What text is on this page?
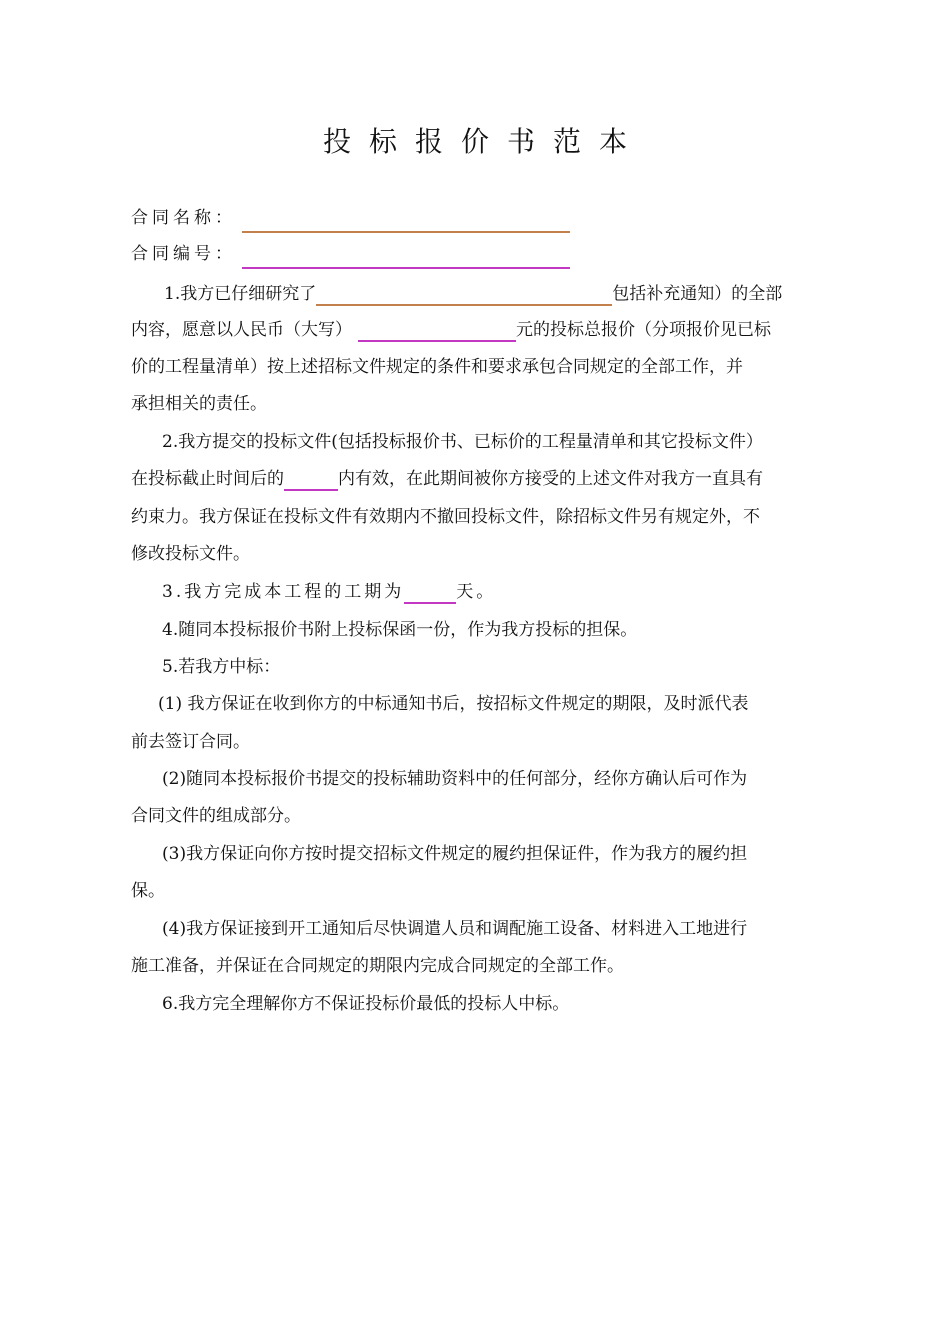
投标报价书范本
合同名称：
合同编号：
1.我方已仔细研究了	包括补充通知）的全部
内容，愿意以人民币（大写）	元的投标总报价（分项报价见已标
价的工程量清单）按上述招标文件规定的条件和要求承包合同规定的全部工作，并
承担相关的责任。
2.我方提交的投标文件(包括投标报价书、已标价的工程量清单和其它投标文件）
在投标截止时间后的	内有效，在此期间被你方接受的上述文件对我方一直具有
约束力。我方保证在投标文件有效期内不撤回投标文件，除招标文件另有规定外，不
修改投标文件。
3.我方完成本工程的工期为	天。
4.随同本投标报价书附上投标保函一份，作为我方投标的担保。
5.若我方中标：
(1) 我方保证在收到你方的中标通知书后，按招标文件规定的期限，及时派代表
前去签订合同。
(2)随同本投标报价书提交的投标辅助资料中的任何部分，经你方确认后可作为
合同文件的组成部分。
(3)我方保证向你方按时提交招标文件规定的履约担保证件，作为我方的履约担
保。
(4)我方保证接到开工通知后尽快调遣人员和调配施工设备、材料进入工地进行
施工准备，并保证在合同规定的期限内完成合同规定的全部工作。
6.我方完全理解你方不保证投标价最低的投标人中标。
